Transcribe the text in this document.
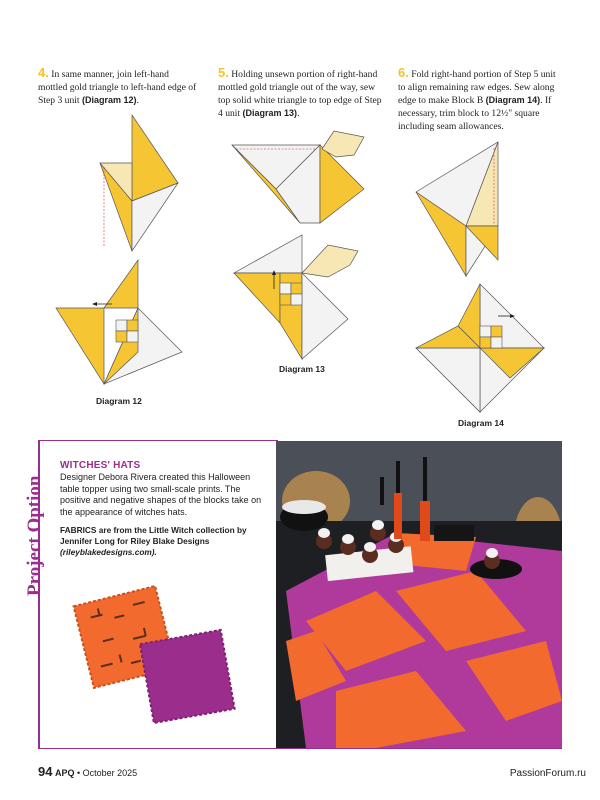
4. In same manner, join left-hand mottled gold triangle to left-hand edge of Step 3 unit (Diagram 12).
5. Holding unsewn portion of right-hand mottled gold triangle out of the way, sew top solid white triangle to top edge of Step 4 unit (Diagram 13).
6. Fold right-hand portion of Step 5 unit to align remaining raw edges. Sew along edge to make Block B (Diagram 14). If necessary, trim block to 12½" square including seam allowances.
Diagram 12
Diagram 13
Diagram 14
Project Option
WITCHES' HATS
Designer Debora Rivera created this Halloween table topper using two small-scale prints. The positive and negative shapes of the blocks take on the appearance of witches hats.
FABRICS are from the Little Witch collection by Jennifer Long for Riley Blake Designs (rileyblakedesigns.com).
94 APQ • October 2025	PassionForum.ru
